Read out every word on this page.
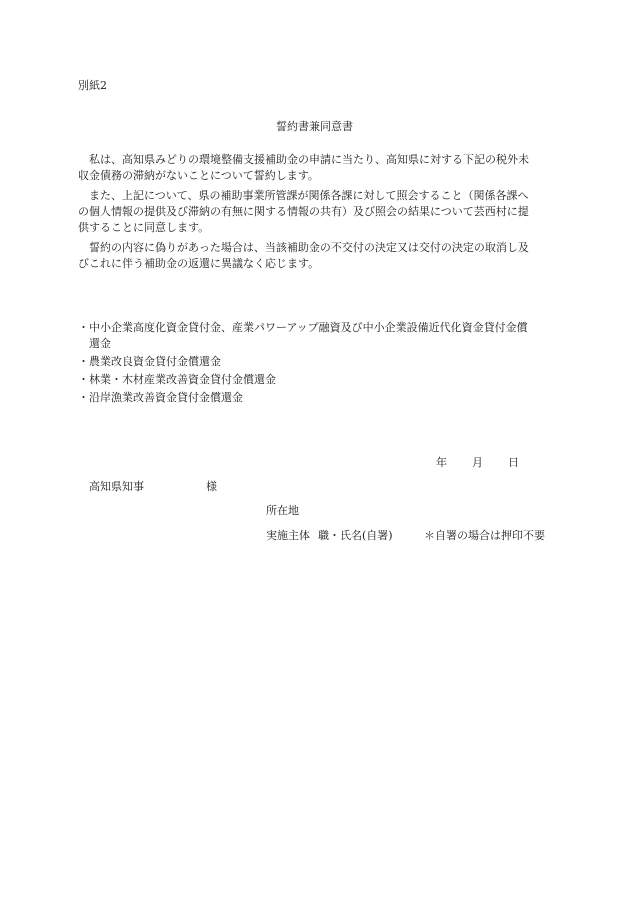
別紙2
誓約書兼同意書
　私は、高知県みどりの環境整備支援補助金の申請に当たり、高知県に対する下記の税外未
収金債務の滞納がないことについて誓約します。
　また、上記について、県の補助事業所管課が関係各課に対して照会すること（関係各課へ
の個人情報の提供及び滞納の有無に関する情報の共有）及び照会の結果について芸西村に提
供することに同意します。
　誓約の内容に偽りがあった場合は、当該補助金の不交付の決定又は交付の決定の取消し及
びこれに伴う補助金の返還に異議なく応じます。
・中小企業高度化資金貸付金、産業パワーアップ融資及び中小企業設備近代化資金貸付金償
　還金
・農業改良資金貸付金償還金
・林業・木材産業改善資金貸付金償還金
・沿岸漁業改善資金貸付金償還金
年 月 日
高知県知事	様
所在地
実施主体 職・氏名(自署)	＊自署の場合は押印不要
